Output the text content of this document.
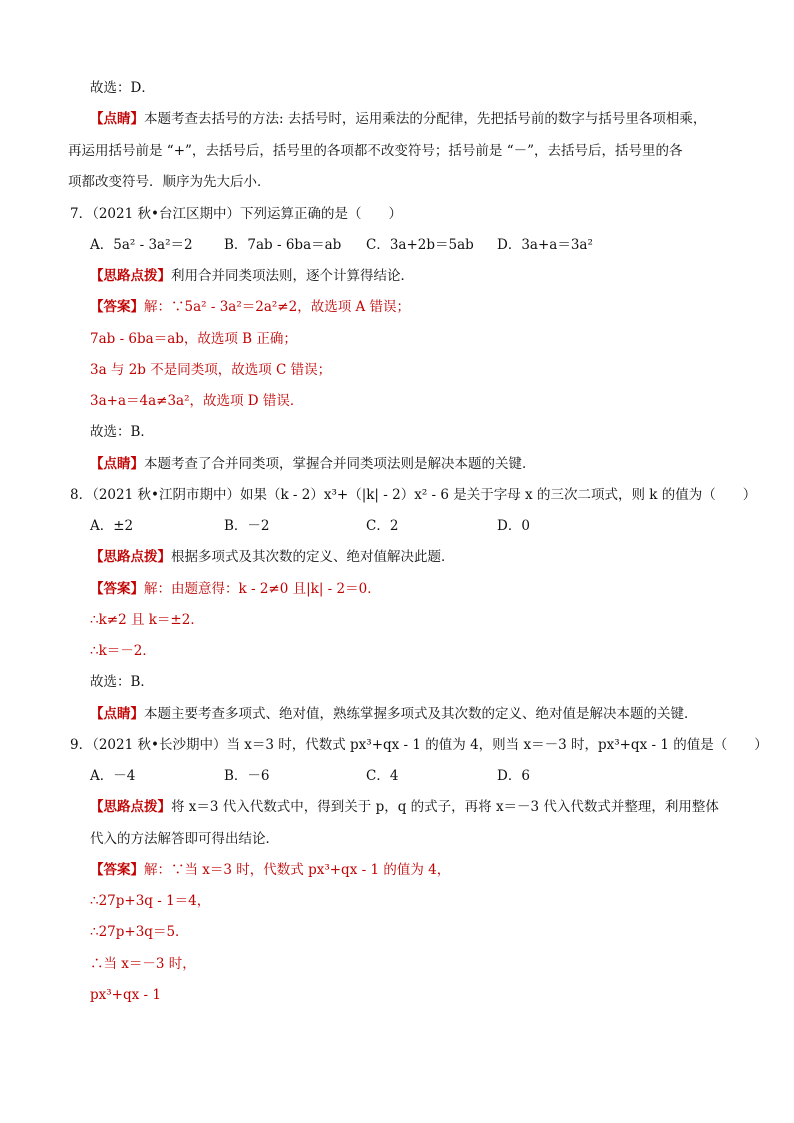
故选：D．
【点睛】本题考查去括号的方法: 去括号时，运用乘法的分配律，先把括号前的数字与括号里各项相乘，
再运用括号前是 “+”，去括号后，括号里的各项都不改变符号；括号前是 “－”，去括号后，括号里的各
项都改变符号．顺序为先大后小．
7．（2021 秋•台江区期中）下列运算正确的是（　　）
A．5a² - 3a²＝2 B．7ab - 6ba＝ab C．3a+2b＝5ab D．3a+a＝3a²
【思路点拨】利用合并同类项法则，逐个计算得结论．
【答案】解：∵5a² - 3a²＝2a²≠2，故选项 A 错误；
7ab - 6ba＝ab，故选项 B 正确；
3a 与 2b 不是同类项，故选项 C 错误；
3a+a＝4a≠3a²，故选项 D 错误．
故选：B．
【点睛】本题考查了合并同类项，掌握合并同类项法则是解决本题的关键．
8．（2021 秋•江阴市期中）如果（k - 2）x³+（|k| - 2）x² - 6 是关于字母 x 的三次二项式，则 k 的值为（　　）
A．±2	B．－2	C．2	D．0
【思路点拨】根据多项式及其次数的定义、绝对值解决此题．
【答案】解：由题意得：k - 2≠0 且|k| - 2＝0．
∴k≠2 且 k＝±2．
∴k＝－2．
故选：B．
【点睛】本题主要考查多项式、绝对值，熟练掌握多项式及其次数的定义、绝对值是解决本题的关键．
9．（2021 秋•长沙期中）当 x＝3 时，代数式 px³+qx - 1 的值为 4，则当 x＝－3 时，px³+qx - 1 的值是（　　）
A．－4	B．－6	C．4	D．6
【思路点拨】将 x＝3 代入代数式中，得到关于 p，q 的式子，再将 x＝－3 代入代数式并整理，利用整体
代入的方法解答即可得出结论．
【答案】解：∵当 x＝3 时，代数式 px³+qx - 1 的值为 4，
∴27p+3q - 1＝4，
∴27p+3q＝5．
∴当 x＝－3 时，
px³+qx - 1
